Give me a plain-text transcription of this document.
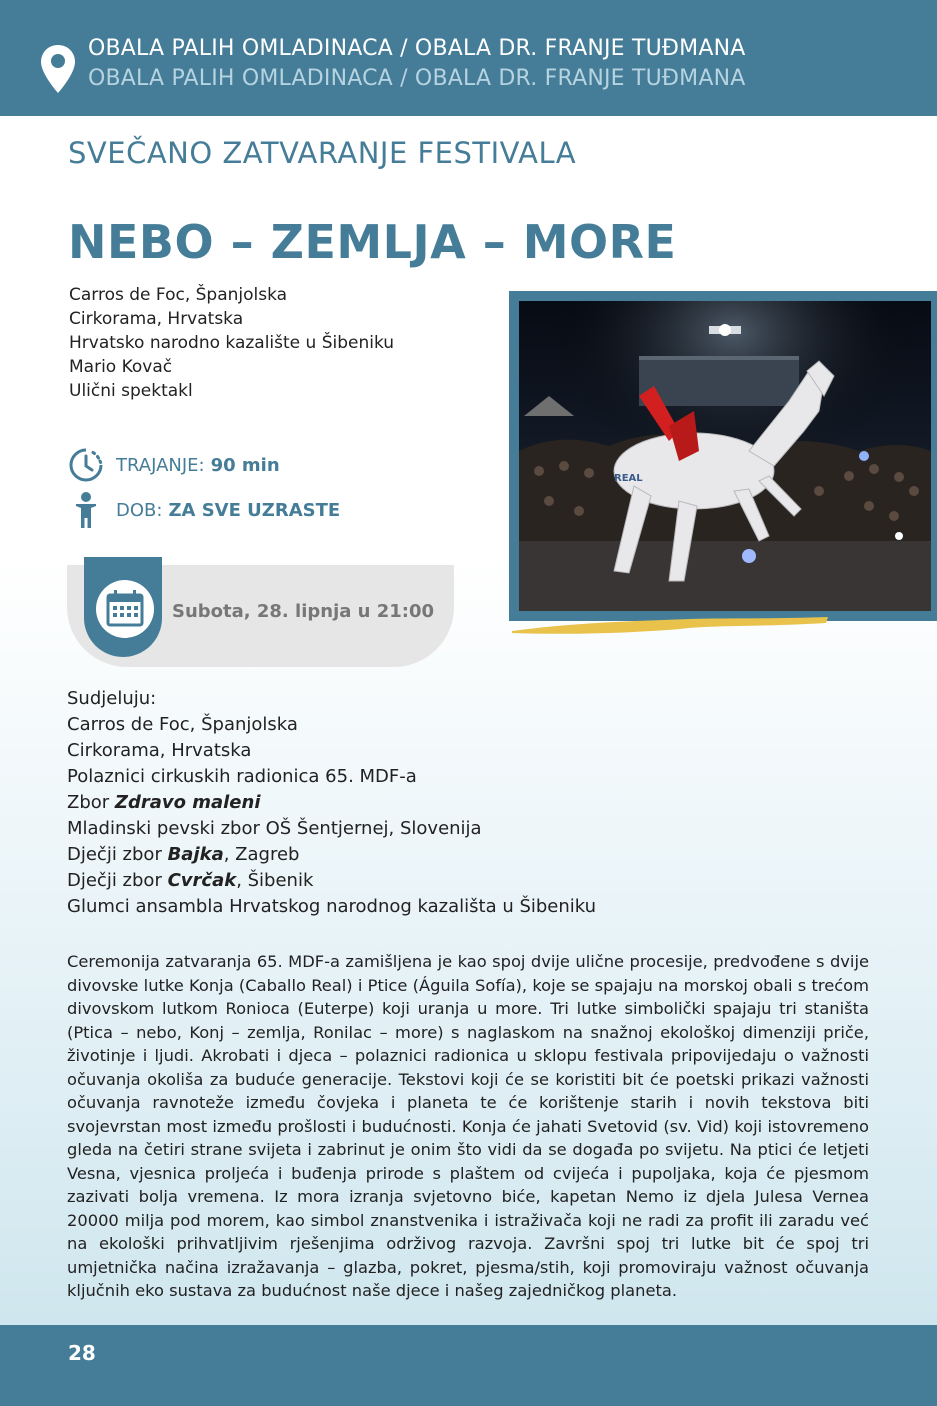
OBALA PALIH OMLADINACA / OBALA DR. FRANJE TUĐMANA
OBALA PALIH OMLADINACA / OBALA DR. FRANJE TUĐMANA
SVEČANO ZATVARANJE FESTIVALA
NEBO – ZEMLJA – MORE
Carros de Foc, Španjolska
Cirkorama, Hrvatska
Hrvatsko narodno kazalište u Šibeniku
Mario Kovač
Ulični spektakl
TRAJANJE: 90 min
DOB: ZA SVE UZRASTE
Subota, 28. lipnja u 21:00
REAL
Sudjeluju:
Carros de Foc, Španjolska
Cirkorama, Hrvatska
Polaznici cirkuskih radionica 65. MDF-a
Zbor Zdravo maleni
Mladinski pevski zbor OŠ Šentjernej, Slovenija
Dječji zbor Bajka, Zagreb
Dječji zbor Cvrčak, Šibenik
Glumci ansambla Hrvatskog narodnog kazališta u Šibeniku
Ceremonija zatvaranja 65. MDF-a zamišljena je kao spoj dvije ulične procesije, predvođene s dvije divovske lutke Konja (Caballo Real) i Ptice (Águila Sofía), koje se spajaju na morskoj obali s trećom divovskom lutkom Ronioca (Euterpe) koji uranja u more. Tri lutke simbolički spajaju tri staništa (Ptica – nebo, Konj – zemlja, Ronilac – more) s naglaskom na snažnoj ekološkoj dimenziji priče, životinje i ljudi. Akrobati i djeca – polaznici radionica u sklopu festivala pripovijedaju o važnosti očuvanja okoliša za buduće generacije. Tekstovi koji će se koristiti bit će poetski prikazi važnosti očuvanja ravnoteže između čovjeka i planeta te će korištenje starih i novih tekstova biti svojevrstan most između prošlosti i budućnosti. Konja će jahati Svetovid (sv. Vid) koji istovremeno gleda na četiri strane svijeta i zabrinut je onim što vidi da se događa po svijetu. Na ptici će letjeti Vesna, vjesnica proljeća i buđenja prirode s plaštem od cvijeća i pupoljaka, koja će pjesmom zazivati bolja vremena. Iz mora izranja svjetovno biće, kapetan Nemo iz djela Julesa Vernea 20000 milja pod morem, kao simbol znanstvenika i istraživača koji ne radi za profit ili zaradu već na ekološki prihvatljivim rješenjima održivog razvoja. Završni spoj tri lutke bit će spoj tri umjetnička načina izražavanja – glazba, pokret, pjesma/stih, koji promoviraju važnost očuvanja ključnih eko sustava za budućnost naše djece i našeg zajedničkog planeta.
28
